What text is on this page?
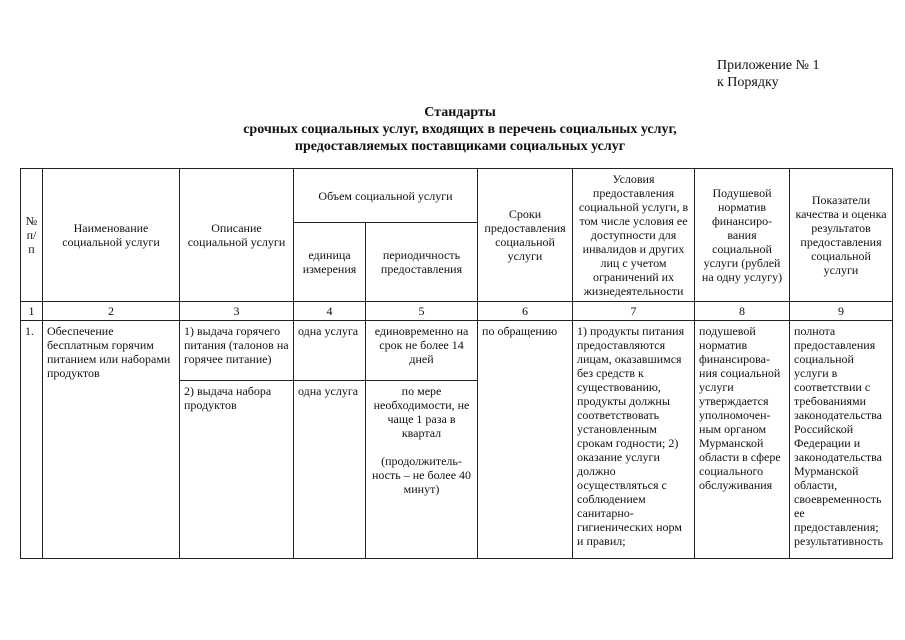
Приложение № 1
к Порядку
Стандарты
срочных социальных услуг, входящих в перечень социальных услуг,
предоставляемых поставщиками социальных услуг
№ п/п	Наименование социальной услуги	Описание социальной услуги	Объем социальной услуги		Сроки предоставления социальной услуги	Условия предоставления социальной услуги, в том числе условия ее доступности для инвалидов и других лиц с учетом ограничений их жизнедеятельности	Подушевой норматив финансиро-вания социальной услуги (рублей на одну услугу)	Показатели качества и оценка результатов предоставления социальной услуги
			единица измерения	периодичность предоставления				
1	2	3	4	5	6	7	8	9
1.	Обеспечение бесплатным горячим питанием или наборами продуктов	1) выдача горячего питания (талонов на горячее питание)	одна услуга	единовременно на срок не более 14 дней	по обращению	1) продукты питания предоставляются лицам, оказавшимся без средств к существованию, продукты должны соответствовать установленным срокам годности; 2) оказание услуги должно осуществляться с соблюдением санитарно-гигиенических норм и правил;	подушевой норматив финансирова-ния социальной услуги утверждается уполномочен-ным органом Мурманской области в сфере социального обслуживания	полнота предоставления социальной услуги в соответствии с требованиями законодательства Российской Федерации и законодательства Мурманской области, своевременность ее предоставления; результативность
		2) выдача набора продуктов	одна услуга	по мере необходимости, не чаще 1 раза в квартал
(продолжитель-ность – не более 40 минут)				
